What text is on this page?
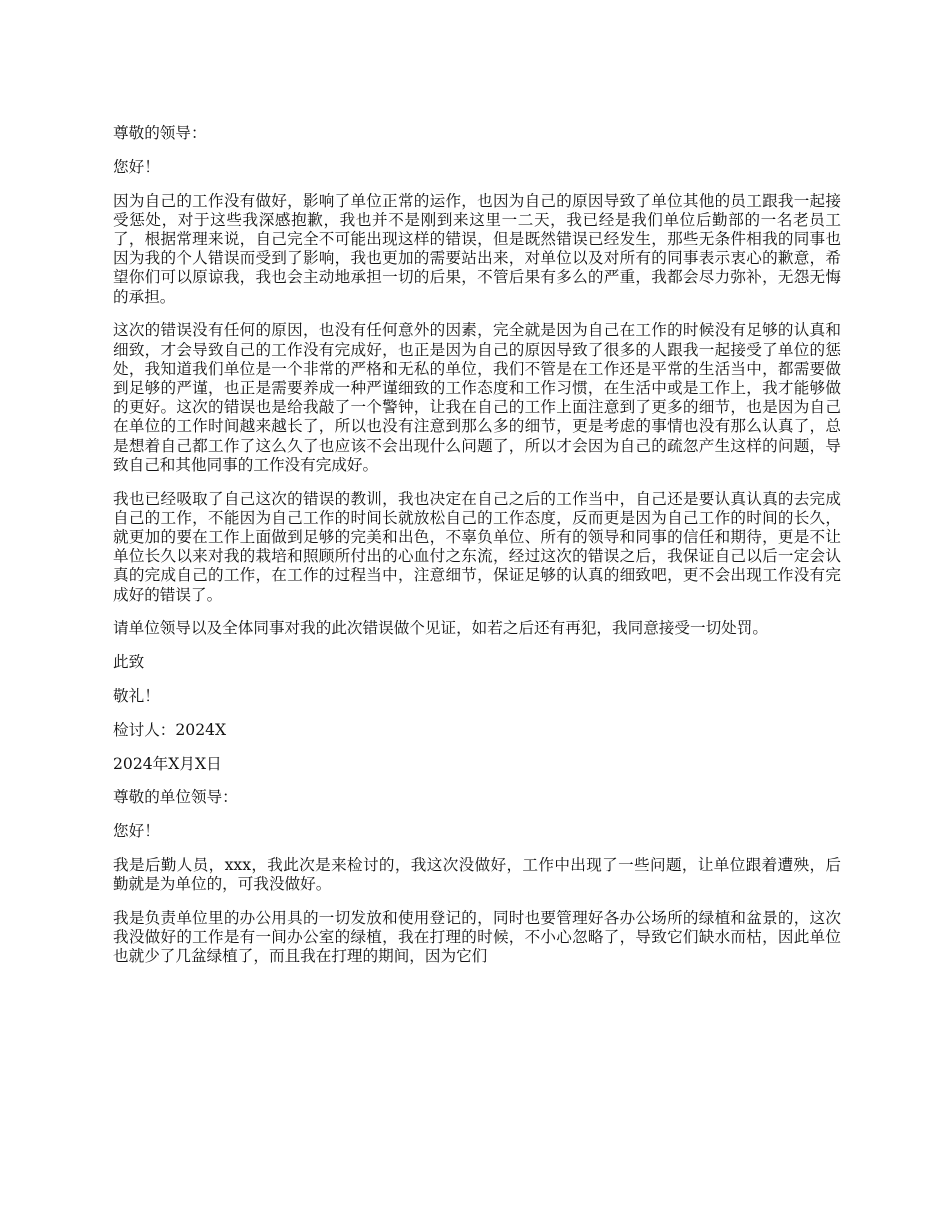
尊敬的领导：

您好！

因为自己的工作没有做好，影响了单位正常的运作，也因为自己的原因导致了单位其他的员工跟我一起接受惩处，对于这些我深感抱歉，我也并不是刚到来这里一二天，我已经是我们单位后勤部的一名老员工了，根据常理来说，自己完全不可能出现这样的错误，但是既然错误已经发生，那些无条件相我的同事也因为我的个人错误而受到了影响，我也更加的需要站出来，对单位以及对所有的同事表示衷心的歉意，希望你们可以原谅我，我也会主动地承担一切的后果，不管后果有多么的严重，我都会尽力弥补，无怨无悔的承担。

这次的错误没有任何的原因，也没有任何意外的因素，完全就是因为自己在工作的时候没有足够的认真和细致，才会导致自己的工作没有完成好，也正是因为自己的原因导致了很多的人跟我一起接受了单位的惩处，我知道我们单位是一个非常的严格和无私的单位，我们不管是在工作还是平常的生活当中，都需要做到足够的严谨，也正是需要养成一种严谨细致的工作态度和工作习惯，在生活中或是工作上，我才能够做的更好。这次的错误也是给我敲了一个警钟，让我在自己的工作上面注意到了更多的细节，也是因为自己在单位的工作时间越来越长了，所以也没有注意到那么多的细节，更是考虑的事情也没有那么认真了，总是想着自己都工作了这么久了也应该不会出现什么问题了，所以才会因为自己的疏忽产生这样的问题，导致自己和其他同事的工作没有完成好。

我也已经吸取了自己这次的错误的教训，我也决定在自己之后的工作当中，自己还是要认真认真的去完成自己的工作，不能因为自己工作的时间长就放松自己的工作态度，反而更是因为自己工作的时间的长久，就更加的要在工作上面做到足够的完美和出色，不辜负单位、所有的领导和同事的信任和期待，更是不让单位长久以来对我的栽培和照顾所付出的心血付之东流，经过这次的错误之后，我保证自己以后一定会认真的完成自己的工作，在工作的过程当中，注意细节，保证足够的认真的细致吧，更不会出现工作没有完成好的错误了。

请单位领导以及全体同事对我的此次错误做个见证，如若之后还有再犯，我同意接受一切处罚。

此致

敬礼！

检讨人：2024X

2024年X月X日

尊敬的单位领导：

您好！

我是后勤人员，xxx，我此次是来检讨的，我这次没做好，工作中出现了一些问题，让单位跟着遭殃，后勤就是为单位的，可我没做好。

我是负责单位里的办公用具的一切发放和使用登记的，同时也要管理好各办公场所的绿植和盆景的，这次我没做好的工作是有一间办公室的绿植，我在打理的时候，不小心忽略了，导致它们缺水而枯，因此单位也就少了几盆绿植了，而且我在打理的期间，因为它们
